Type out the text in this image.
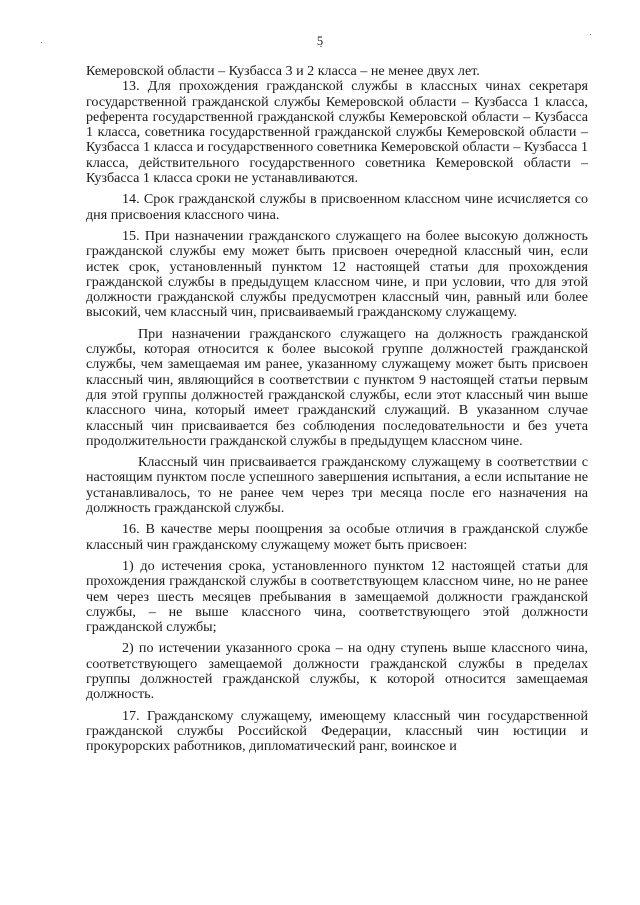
5

Кемеровской области – Кузбасса 3 и 2 класса – не менее двух лет.

13. Для прохождения гражданской службы в классных чинах секретаря государственной гражданской службы Кемеровской области – Кузбасса 1 класса, референта государственной гражданской службы Кемеровской области – Кузбасса 1 класса, советника государственной гражданской службы Кемеровской области – Кузбасса 1 класса и государственного советника Кемеровской области – Кузбасса 1 класса, действительного государственного советника Кемеровской области – Кузбасса 1 класса сроки не устанавливаются.

14. Срок гражданской службы в присвоенном классном чине исчисляется со дня присвоения классного чина.

15. При назначении гражданского служащего на более высокую должность гражданской службы ему может быть присвоен очередной классный чин, если истек срок, установленный пунктом 12 настоящей статьи для прохождения гражданской службы в предыдущем классном чине, и при условии, что для этой должности гражданской службы предусмотрен классный чин, равный или более высокий, чем классный чин, присваиваемый гражданскому служащему.

При назначении гражданского служащего на должность гражданской службы, которая относится к более высокой группе должностей гражданской службы, чем замещаемая им ранее, указанному служащему может быть присвоен классный чин, являющийся в соответствии с пунктом 9 настоящей статьи первым для этой группы должностей гражданской службы, если этот классный чин выше классного чина, который имеет гражданский служащий. В указанном случае классный чин присваивается без соблюдения последовательности и без учета продолжительности гражданской службы в предыдущем классном чине.

Классный чин присваивается гражданскому служащему в соответствии с настоящим пунктом после успешного завершения испытания, а если испытание не устанавливалось, то не ранее чем через три месяца после его назначения на должность гражданской службы.

16. В качестве меры поощрения за особые отличия в гражданской службе классный чин гражданскому служащему может быть присвоен:

1) до истечения срока, установленного пунктом 12 настоящей статьи для прохождения гражданской службы в соответствующем классном чине, но не ранее чем через шесть месяцев пребывания в замещаемой должности гражданской службы, – не выше классного чина, соответствующего этой должности гражданской службы;

2) по истечении указанного срока – на одну ступень выше классного чина, соответствующего замещаемой должности гражданской службы в пределах группы должностей гражданской службы, к которой относится замещаемая должность.

17. Гражданскому служащему, имеющему классный чин государственной гражданской службы Российской Федерации, классный чин юстиции и прокурорских работников, дипломатический ранг, воинское и
